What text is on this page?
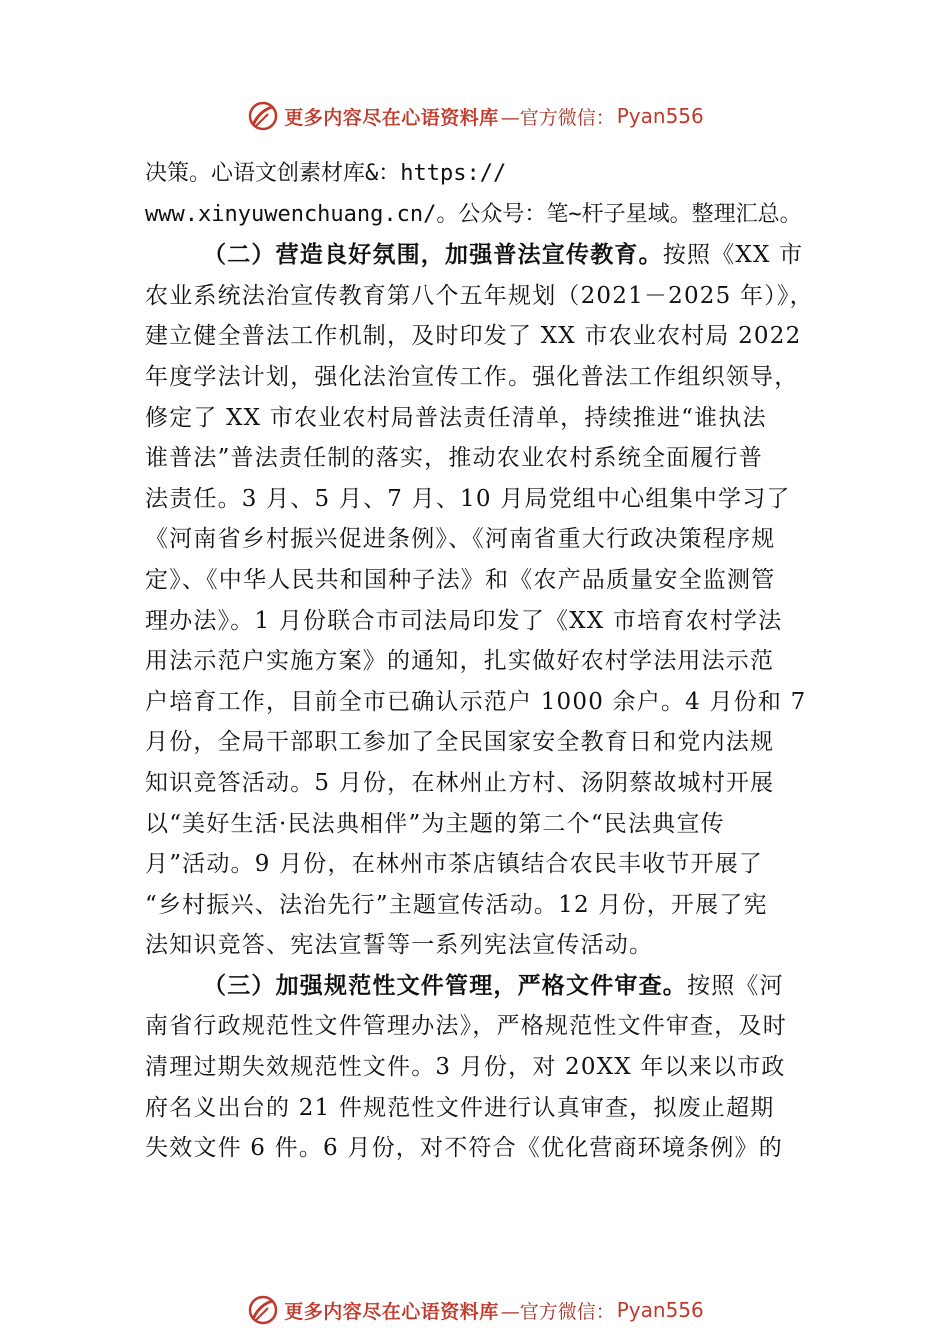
更多内容尽在心语资料库 —官方微信： Pyan556
决策。心语文创素材库&：https://
www.xinyuwenchuang.cn/。公众号：笔~杆子星域。整理汇总。
（二）营造良好氛围，加强普法宣传教育。按照《XX 市
农业系统法治宣传教育第八个五年规划（2021－2025 年）》，
建立健全普法工作机制，及时印发了 XX 市农业农村局 2022
年度学法计划，强化法治宣传工作。强化普法工作组织领导，
修定了 XX 市农业农村局普法责任清单，持续推进“谁执法
谁普法”普法责任制的落实，推动农业农村系统全面履行普
法责任。3 月、5 月、7 月、10 月局党组中心组集中学习了
《河南省乡村振兴促进条例》、《河南省重大行政决策程序规
定》、《中华人民共和国种子法》和《农产品质量安全监测管
理办法》。1 月份联合市司法局印发了《XX 市培育农村学法
用法示范户实施方案》的通知，扎实做好农村学法用法示范
户培育工作，目前全市已确认示范户 1000 余户。4 月份和 7
月份，全局干部职工参加了全民国家安全教育日和党内法规
知识竞答活动。5 月份，在林州止方村、汤阴蔡故城村开展
以“美好生活·民法典相伴”为主题的第二个“民法典宣传
月”活动。9 月份，在林州市茶店镇结合农民丰收节开展了
“乡村振兴、法治先行”主题宣传活动。12 月份，开展了宪
法知识竞答、宪法宣誓等一系列宪法宣传活动。
（三）加强规范性文件管理，严格文件审查。按照《河
南省行政规范性文件管理办法》，严格规范性文件审查，及时
清理过期失效规范性文件。3 月份，对 20XX 年以来以市政
府名义出台的 21 件规范性文件进行认真审查，拟废止超期
失效文件 6 件。6 月份，对不符合《优化营商环境条例》的
更多内容尽在心语资料库 —官方微信： Pyan556
